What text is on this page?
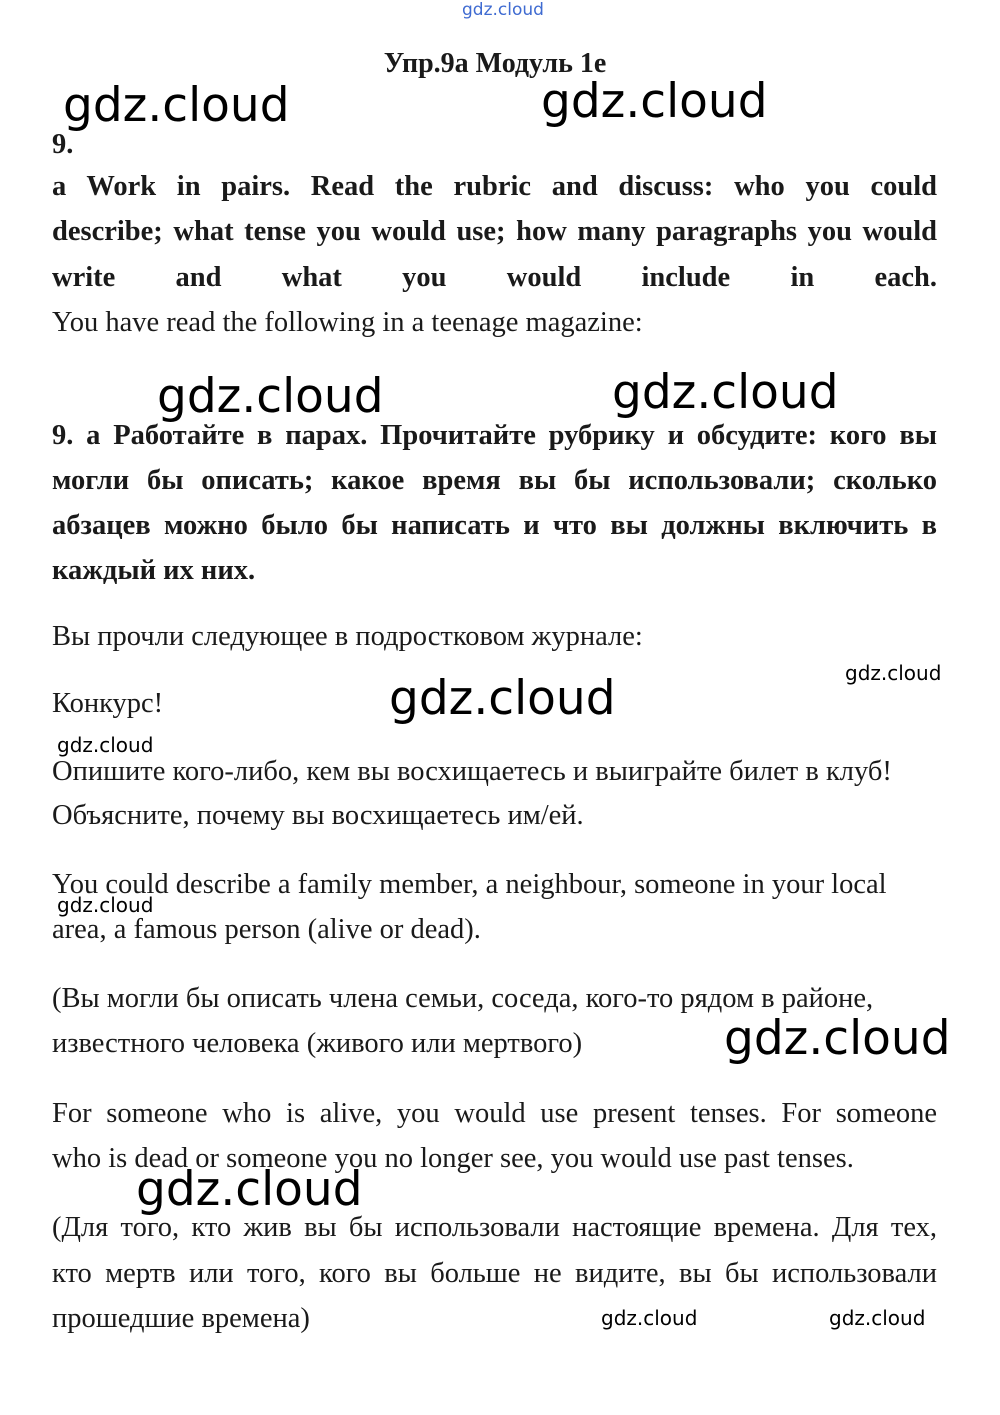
Упр.9а Модуль 1е

9.

a Work in pairs. Read the rubric and discuss: who you could

describe; what tense you would use; how many paragraphs you would

write and what you would include in each.

You have read the following in a teenage magazine:

9. а Работайте в парах. Прочитайте рубрику и обсудите: кого вы

могли бы описать; какое время вы бы использовали; сколько

абзацев можно было бы написать и что вы должны включить в

каждый их них.

Вы прочли следующее в подростковом журнале:

Конкурс!

Опишите кого-либо, кем вы восхищаетесь и выиграйте билет в клуб!

Объясните, почему вы восхищаетесь им/ей.

You could describe a family member, a neighbour, someone in your local

area, a famous person (alive or dead).

(Вы могли бы описать члена семьи, соседа, кого-то рядом в районе,

известного человека (живого или мертвого)

For someone who is alive, you would use present tenses. For someone

who is dead or someone you no longer see, you would use past tenses.

(Для того, кто жив вы бы использовали настоящие времена. Для тех,

кто мертв или того, кого вы больше не видите, вы бы использовали

прошедшие времена)

gdz.cloud
gdz.cloud	gdz.cloud
gdz.cloud	gdz.cloud
gdz.cloud
gdz.cloud
gdz.cloud
gdz.cloud
gdz.cloud
gdz.cloud
gdz.cloud	gdz.cloud
